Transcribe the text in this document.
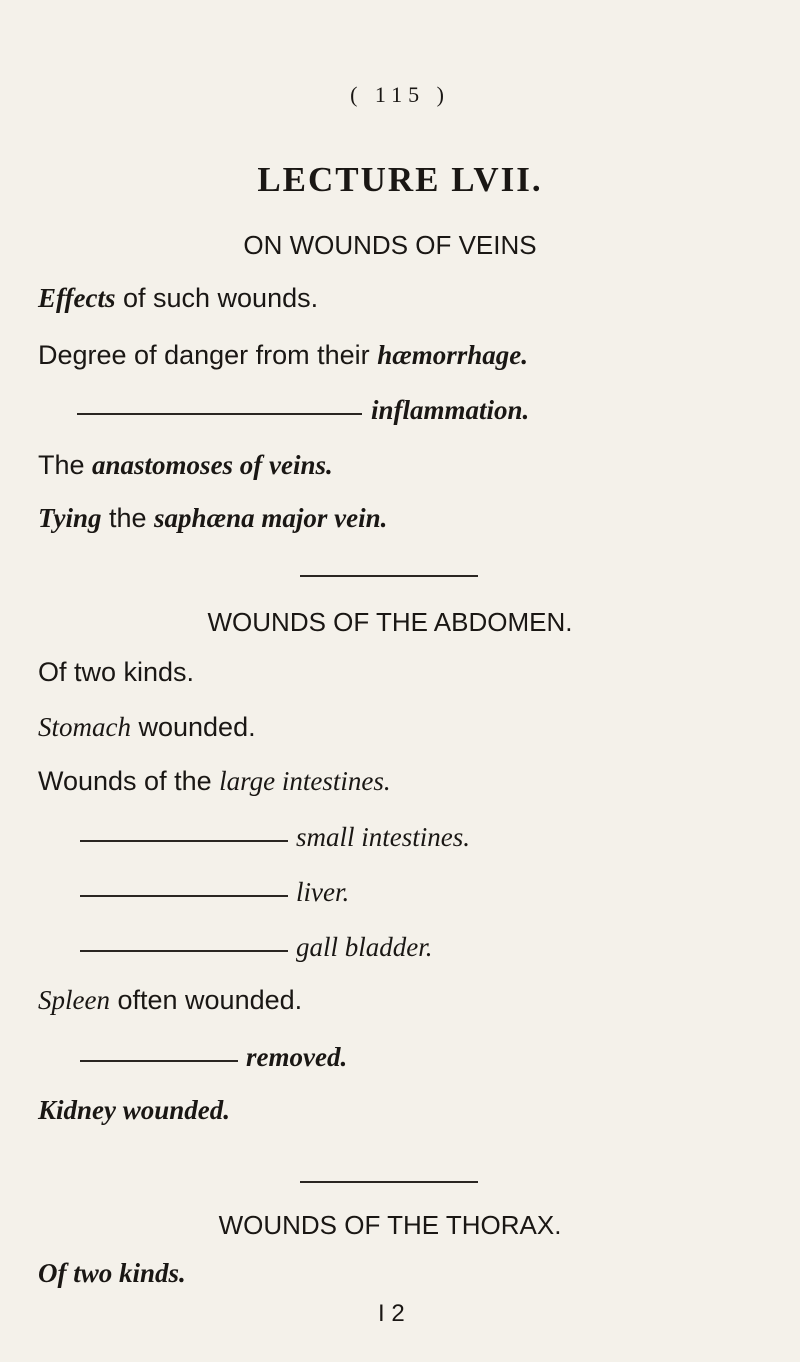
( 115 )
LECTURE LVII.
ON WOUNDS OF VEINS
Effects of such wounds.
Degree of danger from their hæmorrhage.
inflammation.
The anastomoses of veins.
Tying the saphæna major vein.
WOUNDS OF THE ABDOMEN.
Of two kinds.
Stomach wounded.
Wounds of the large intestines.
small intestines.
liver.
gall bladder.
Spleen often wounded.
removed.
Kidney wounded.
WOUNDS OF THE THORAX.
Of two kinds.
I 2
